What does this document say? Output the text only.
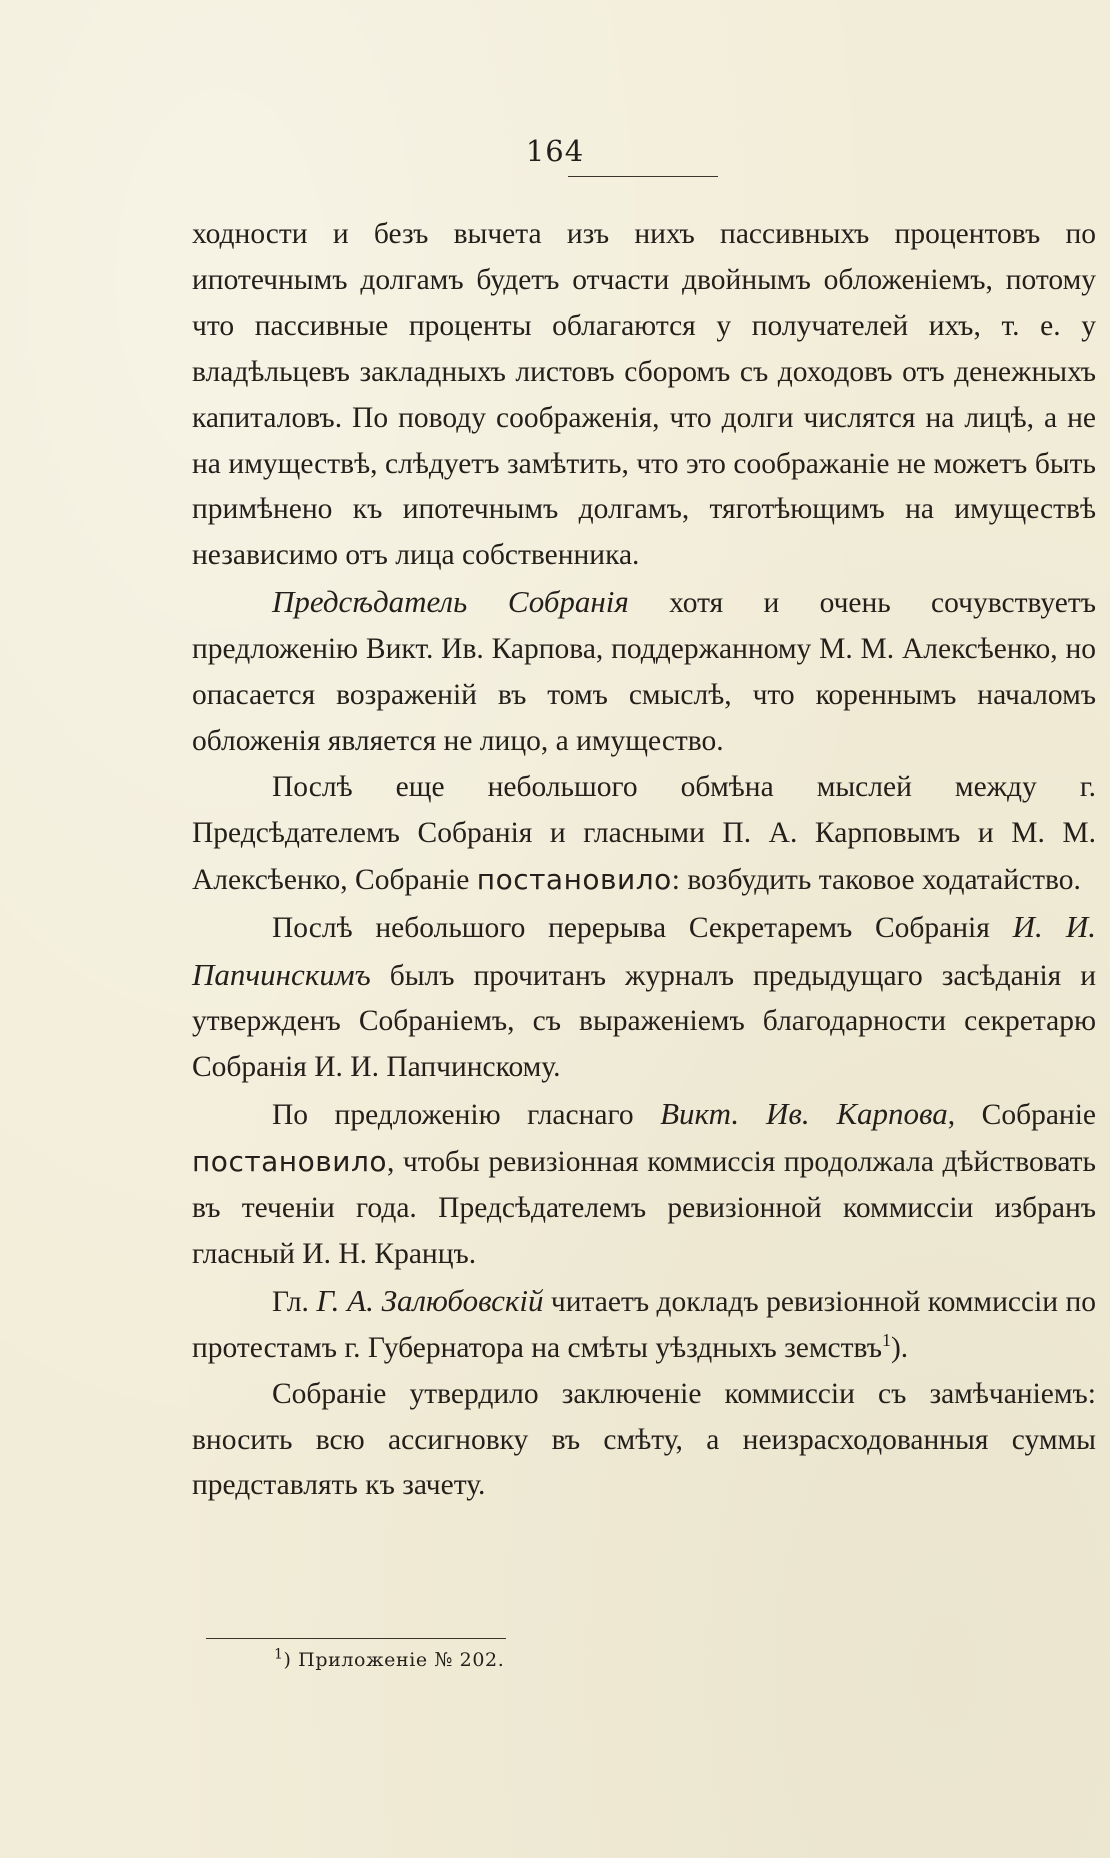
164

ходности и безъ вычета изъ нихъ пассивныхъ процентовъ по ипотечнымъ долгамъ будетъ отчасти двойнымъ обложеніемъ, потому что пассивные проценты облагаются у получателей ихъ, т. е. у владѣльцевъ закладныхъ листовъ сборомъ съ доходовъ отъ денежныхъ капиталовъ. По поводу соображенія, что долги числятся на лицѣ, а не на имуществѣ, слѣдуетъ замѣтить, что это соображаніе не можетъ быть примѣнено къ ипотечнымъ долгамъ, тяготѣющимъ на имуществѣ независимо отъ лица собственника.

Предсѣдатель Собранія хотя и очень сочувствуетъ предложенію Викт. Ив. Карпова, поддержанному М. М. Алексѣенко, но опасается возраженій въ томъ смыслѣ, что кореннымъ началомъ обложенія является не лицо, а имущество.

Послѣ еще небольшого обмѣна мыслей между г. Предсѣдателемъ Собранія и гласными П. А. Карповымъ и М. М. Алексѣенко, Собраніе постановило: возбудить таковое ходатайство.

Послѣ небольшого перерыва Секретаремъ Собранія И. И. Папчинскимъ былъ прочитанъ журналъ предыдущаго засѣданія и утвержденъ Собраніемъ, съ выраженіемъ благодарности секретарю Собранія И. И. Папчинскому.

По предложенію гласнаго Викт. Ив. Карпова, Собраніе постановило, чтобы ревизіонная коммиссія продолжала дѣйствовать въ теченіи года. Предсѣдателемъ ревизіонной коммиссіи избранъ гласный И. Н. Кранцъ.

Гл. Г. А. Залюбовскій читаетъ докладъ ревизіонной коммиссіи по протестамъ г. Губернатора на смѣты уѣздныхъ земствъ$^1$).

Собраніе утвердило заключеніе коммиссіи съ замѣчаніемъ: вносить всю ассигновку въ смѣту, а неизрасходованныя суммы представлять къ зачету.

$^1$) Приложеніе № 202.
